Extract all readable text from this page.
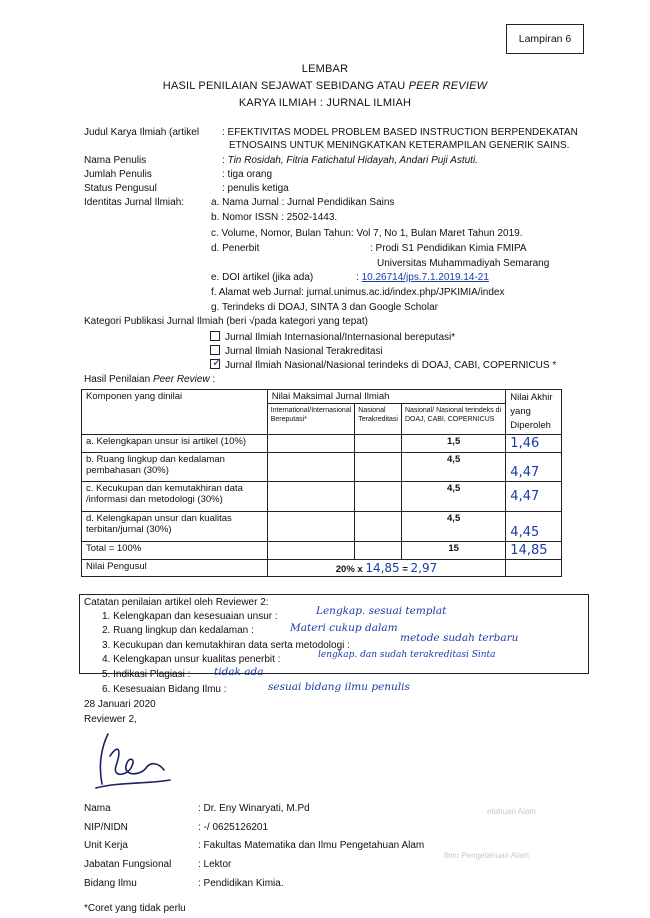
Lampiran 6
LEMBAR
HASIL PENILAIAN SEJAWAT SEBIDANG ATAU PEER REVIEW
KARYA ILMIAH : JURNAL ILMIAH
Judul Karya Ilmiah (artikel : EFEKTIVITAS MODEL PROBLEM BASED INSTRUCTION BERPENDEKATAN
ETNOSAINS UNTUK MENINGKATKAN KETERAMPILAN GENERIK SAINS.
Nama Penulis	: Tin Rosidah, Fitria Fatichatul Hidayah, Andari Puji Astuti.
Jumlah Penulis	: tiga orang
Status Pengusul	: penulis ketiga
Identitas Jurnal Ilmiah:	a. Nama Jurnal : Jurnal Pendidikan Sains
b. Nomor ISSN : 2502-1443.
c. Volume, Nomor, Bulan Tahun: Vol 7, No 1, Bulan Maret Tahun 2019.
d. Penerbit	: Prodi S1 Pendidikan Kimia FMIPA
Universitas Muhammadiyah Semarang
e. DOI artikel (jika ada)	: 10.26714/jps.7.1.2019.14-21
f. Alamat web Jurnal: jurnal.unimus.ac.id/index.php/JPKIMIA/index
g. Terindeks di DOAJ, SINTA 3 dan Google Scholar
Kategori Publikasi Jurnal Ilmiah (beri √pada kategori yang tepat)
Jurnal Ilmiah Internasional/Internasional bereputasi*
Jurnal Ilmiah Nasional Terakreditasi
✓ Jurnal Ilmiah Nasional/Nasional terindeks di DOAJ, CABI, COPERNICUS *
Hasil Penilaian Peer Review :
Komponen yang dinilai	Nilai Maksimal Jurnal Ilmiah			Nilai Akhir yang Diperoleh
	International/Internasional Bereputasi*	Nasional Terakreditasi	Nasional/ Nasional terindeks di DOAJ, CABI, COPERNICUS	
a. Kelengkapan unsur isi artikel (10%)			1,5	1,46
b. Ruang lingkup dan kedalaman pembahasan (30%)			4,5	4,47
c. Kecukupan dan kemutakhiran data /informasi dan metodologi (30%)			4,5	4,47
d. Kelengkapan unsur dan kualitas terbitan/jurnal (30%)			4,5	4,45
Total = 100%			15	14,85
Nilai Pengusul	20% x 14,85 = 2,97			
Catatan penilaian artikel oleh Reviewer 2:
1. Kelengkapan dan kesesuaian unsur :	Lengkap. sesuai templat
2. Ruang lingkup dan kedalaman :	Materi cukup dalam
3. Kecukupan dan kemutakhiran data serta metodologi :
metode sudah terbaru
4. Kelengkapan unsur kualitas penerbit :	lengkap. dan sudah terakreditasi Sinta
5. Indikasi Plagiasi : tidak ada
6. Kesesuaian Bidang Ilmu :	sesuai bidang ilmu penulis
28 Januari 2020
Reviewer 2,
Nama	: Dr. Eny Winaryati, M.Pd
NIP/NIDN	: -/ 0625126201
Unit Kerja	: Fakultas Matematika dan Ilmu Pengetahuan Alam
Jabatan Fungsional	: Lektor
Bidang Ilmu	: Pendidikan Kimia.
*Coret yang tidak perlu
etahuan Alam
Ilmu Pengetahuan Alam
